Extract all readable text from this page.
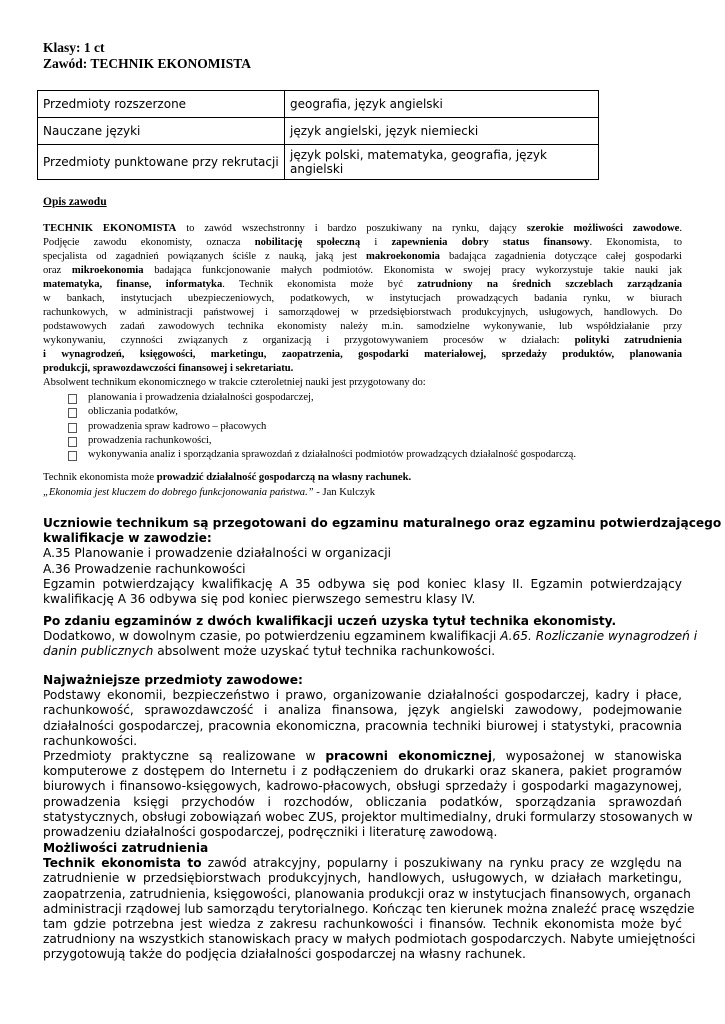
Klasy: 1 ct
Zawód: TECHNIK EKONOMISTA
Przedmioty rozszerzone	geografia, język angielski
Nauczane języki	język angielski, język niemiecki
Przedmioty punktowane przy rekrutacji	język polski, matematyka, geografia, język angielski
Opis zawodu
TECHNIK EKONOMISTA to zawód wszechstronny i bardzo poszukiwany na rynku, dający szerokie możliwości zawodowe.
Podjęcie zawodu ekonomisty, oznacza nobilitację społeczną i zapewnienia dobry status finansowy. Ekonomista, to
specjalista od zagadnień powiązanych ściśle z nauką, jaką jest makroekonomia badająca zagadnienia dotyczące całej gospodarki
oraz mikroekonomia badająca funkcjonowanie małych podmiotów. Ekonomista w swojej pracy wykorzystuje takie nauki jak
matematyka, finanse, informatyka. Technik ekonomista może być zatrudniony na średnich szczeblach zarządzania
w bankach, instytucjach ubezpieczeniowych, podatkowych, w instytucjach prowadzących badania rynku, w biurach
rachunkowych, w administracji państwowej i samorządowej w przedsiębiorstwach produkcyjnych, usługowych, handlowych. Do
podstawowych zadań zawodowych technika ekonomisty należy m.in. samodzielne wykonywanie, lub współdziałanie przy
wykonywaniu, czynności związanych z organizacją i przygotowywaniem procesów w działach: polityki zatrudnienia
i wynagrodzeń, księgowości, marketingu, zaopatrzenia, gospodarki materiałowej, sprzedaży produktów, planowania
produkcji, sprawozdawczości finansowej i sekretariatu.
Absolwent technikum ekonomicznego w trakcie czteroletniej nauki jest przygotowany do:
planowania i prowadzenia działalności gospodarczej,
obliczania podatków,
prowadzenia spraw kadrowo – płacowych
prowadzenia rachunkowości,
wykonywania analiz i sporządzania sprawozdań z działalności podmiotów prowadzących działalność gospodarczą.
Technik ekonomista może prowadzić działalność gospodarczą na własny rachunek.
„Ekonomia jest kluczem do dobrego funkcjonowania państwa.” - Jan Kulczyk
Uczniowie technikum są przegotowani do egzaminu maturalnego oraz egzaminu potwierdzającego
kwalifikacje w zawodzie:
A.35 Planowanie i prowadzenie działalności w organizacji
A.36 Prowadzenie rachunkowości
Egzamin potwierdzający kwalifikację A 35 odbywa się pod koniec klasy II. Egzamin potwierdzający
kwalifikację A 36 odbywa się pod koniec pierwszego semestru klasy IV.
Po zdaniu egzaminów z dwóch kwalifikacji uczeń uzyska tytuł technika ekonomisty.
Dodatkowo, w dowolnym czasie, po potwierdzeniu egzaminem kwalifikacji A.65. Rozliczanie wynagrodzeń i
danin publicznych absolwent może uzyskać tytuł technika rachunkowości.
Najważniejsze przedmioty zawodowe:
Podstawy ekonomii, bezpieczeństwo i prawo, organizowanie działalności gospodarczej, kadry i płace,
rachunkowość, sprawozdawczość i analiza finansowa, język angielski zawodowy, podejmowanie
działalności gospodarczej, pracownia ekonomiczna, pracownia techniki biurowej i statystyki, pracownia
rachunkowości.
Przedmioty praktyczne są realizowane w pracowni ekonomicznej, wyposażonej w stanowiska
komputerowe z dostępem do Internetu i z podłączeniem do drukarki oraz skanera, pakiet programów
biurowych i finansowo-księgowych, kadrowo-płacowych, obsługi sprzedaży i gospodarki magazynowej,
prowadzenia księgi przychodów i rozchodów, obliczania podatków, sporządzania sprawozdań
statystycznych, obsługi zobowiązań wobec ZUS, projektor multimedialny, druki formularzy stosowanych w
prowadzeniu działalności gospodarczej, podręczniki i literaturę zawodową.
Możliwości zatrudnienia
Technik ekonomista to zawód atrakcyjny, popularny i poszukiwany na rynku pracy ze względu na
zatrudnienie w przedsiębiorstwach produkcyjnych, handlowych, usługowych, w działach marketingu,
zaopatrzenia, zatrudnienia, księgowości, planowania produkcji oraz w instytucjach finansowych, organach
administracji rządowej lub samorządu terytorialnego. Kończąc ten kierunek można znaleźć pracę wszędzie
tam gdzie potrzebna jest wiedza z zakresu rachunkowości i finansów. Technik ekonomista może być
zatrudniony na wszystkich stanowiskach pracy w małych podmiotach gospodarczych. Nabyte umiejętności
przygotowują także do podjęcia działalności gospodarczej na własny rachunek.
